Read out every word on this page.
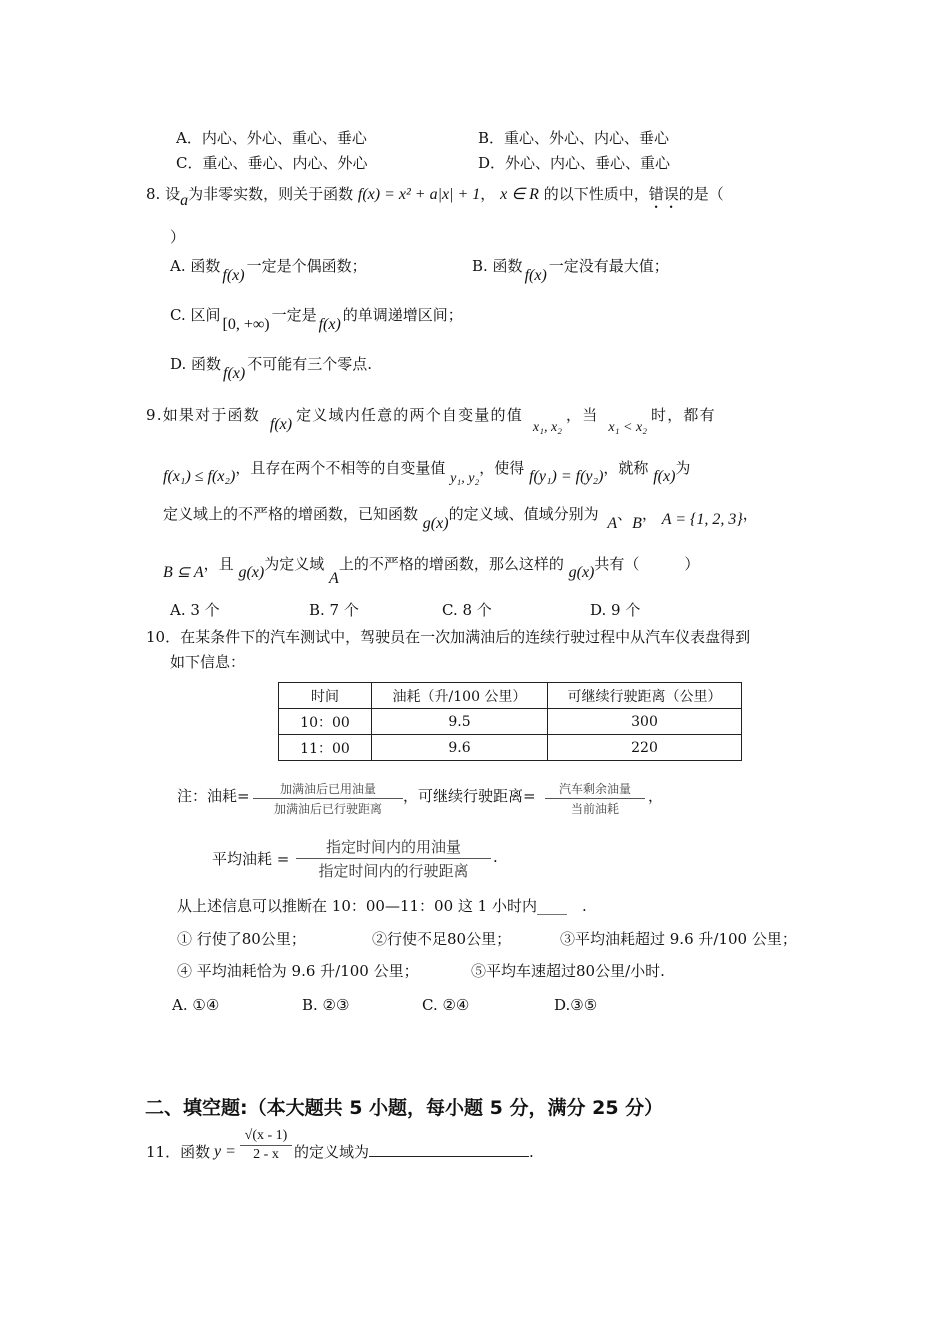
A．内心、外心、重心、垂心	B．重心、外心、内心、垂心
C．重心、垂心、内心、外心	D．外心、内心、垂心、重心
8. 设a为非零实数，则关于函数 f(x) = x² + a|x| + 1， x ∈ R 的以下性质中，错误的是（
）
A. 函数f(x)一定是个偶函数；	B. 函数f(x)一定没有最大值；
C. 区间[0, +∞)一定是f(x)的单调递增区间；
D. 函数f(x)不可能有三个零点.
9.如果对于函数 f(x)定义域内任意的两个自变量的值 x₁, x₂，当 x₁ < x₂时，都有
f(x₁) ≤ f(x₂)，且存在两个不相等的自变量值 y₁, y₂，使得 f(y₁) = f(y₂)，就称 f(x)为
定义域上的不严格的增函数，已知函数 g(x)的定义域、值域分别为 A、B， A = {1, 2, 3}，
B ⊆ A，且 g(x)为定义域 A上的不严格的增函数，那么这样的 g(x)共有（　　　）
A. 3 个	B. 7 个	C. 8 个	D. 9 个
10．在某条件下的汽车测试中，驾驶员在一次加满油后的连续行驶过程中从汽车仪表盘得到
如下信息：
时间	油耗（升/100 公里）	可继续行驶距离（公里）
10：00	9.5	300
11：00	9.6	220
注：油耗=	加满油后已用油量
加满油后已行驶距离
，可继续行驶距离=	汽车剩余油量
当前油耗
，
平均油耗 =
指定时间内的用油量
指定时间内的行驶距离
.
从上述信息可以推断在 10：00—11：00 这 1 小时内____　.
① 行使了80公里；	②行使不足80公里；	③平均油耗超过 9.6 升/100 公里；
④ 平均油耗恰为 9.6 升/100 公里；	⑤平均车速超过80公里/小时.
A. ①④	B. ②③	C. ②④	D.③⑤
二、填空题:（本大题共 5 小题，每小题 5 分，满分 25 分）
11．函数 $y = \frac{√(x - 1)}{2 - x}$ 的定义域为	.
